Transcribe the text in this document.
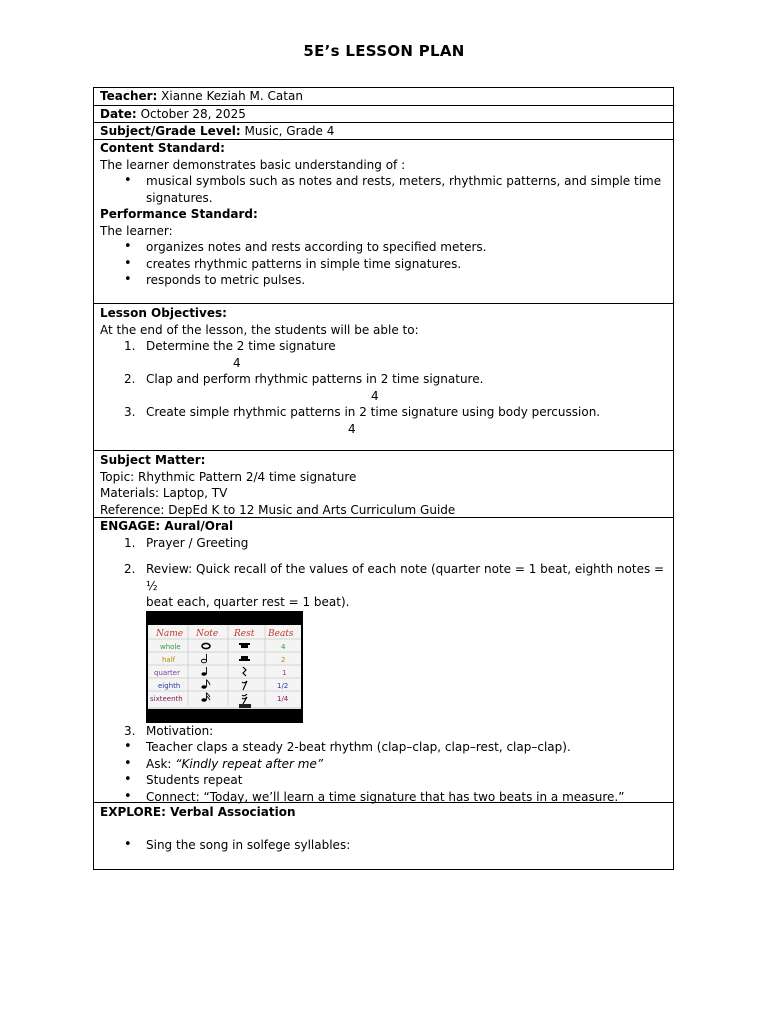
5E’s LESSON PLAN
Teacher: Xianne Keziah M. Catan
Date: October 28, 2025
Subject/Grade Level: Music, Grade 4
Content Standard:
The learner demonstrates basic understanding of :
• musical symbols such as notes and rests, meters, rhythmic patterns, and simple time
signatures.
Performance Standard:
The learner:
• organizes notes and rests according to specified meters.
• creates rhythmic patterns in simple time signatures.
• responds to metric pulses.
Lesson Objectives:
At the end of the lesson, the students will be able to:
1. Determine the 2 time signature
4
2. Clap and perform rhythmic patterns in 2 time signature.
4
3. Create simple rhythmic patterns in 2 time signature using body percussion.
4
Subject Matter:
Topic: Rhythmic Pattern 2/4 time signature
Materials: Laptop, TV
Reference: DepEd K to 12 Music and Arts Curriculum Guide
ENGAGE: Aural/Oral
1. Prayer / Greeting
2. Review: Quick recall of the values of each note (quarter note = 1 beat, eighth notes = ½
beat each, quarter rest = 1 beat).
Name Note Rest Beats
whole
half
quarter
eighth
sixteenth
4
2
1
1/2
1/4
3. Motivation:
• Teacher claps a steady 2-beat rhythm (clap–clap, clap–rest, clap–clap).
• Ask: “Kindly repeat after me”
• Students repeat
• Connect: “Today, we’ll learn a time signature that has two beats in a measure.”
EXPLORE: Verbal Association
• Sing the song in solfege syllables:
